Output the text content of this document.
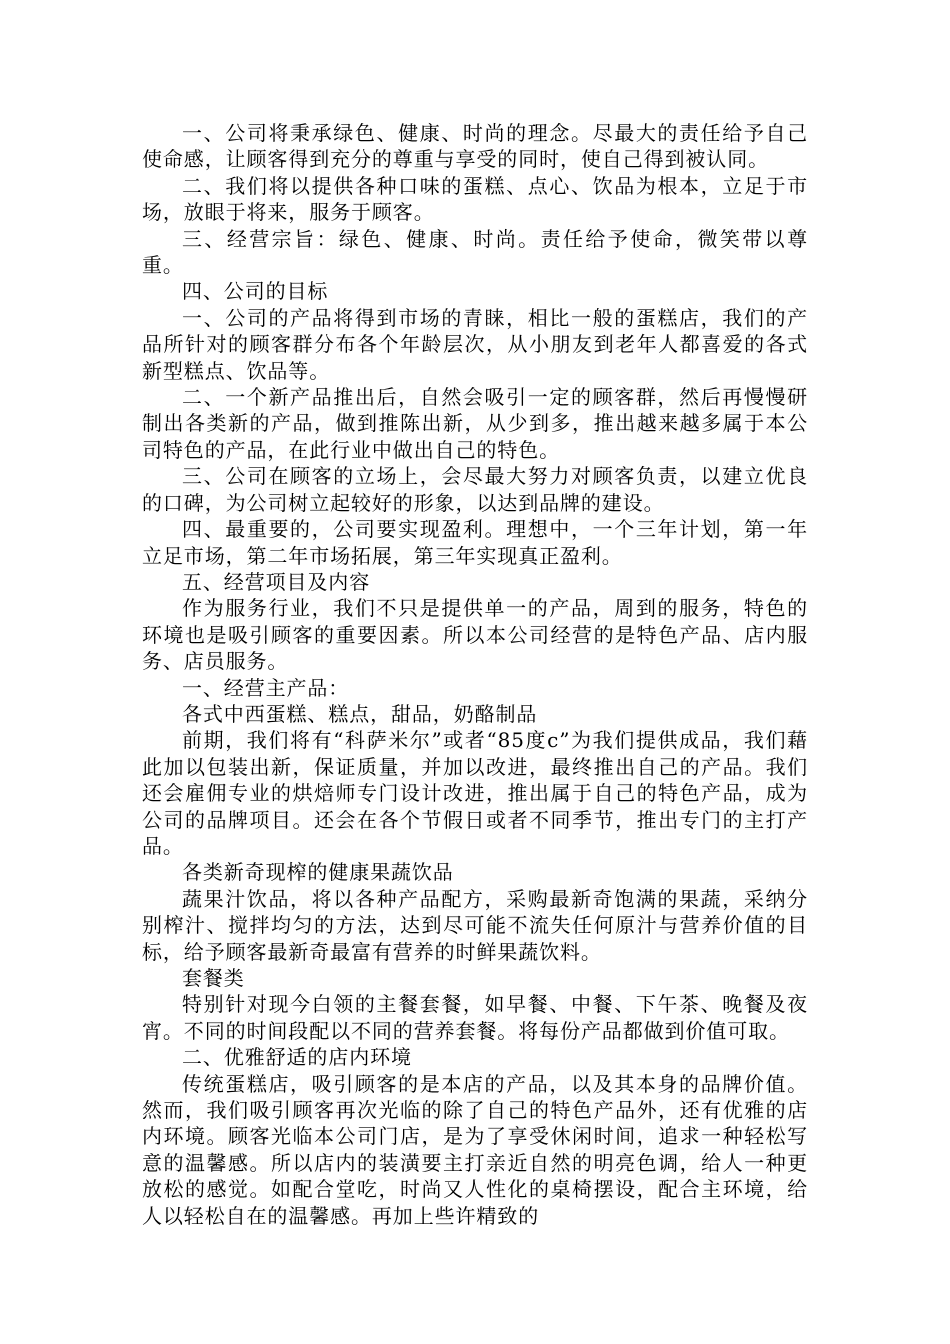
一、公司将秉承绿色、健康、时尚的理念。尽最大的责任给予自己使命感，让顾客得到充分的尊重与享受的同时，使自己得到被认同。

二、我们将以提供各种口味的蛋糕、点心、饮品为根本，立足于市场，放眼于将来，服务于顾客。

三、经营宗旨：绿色、健康、时尚。责任给予使命，微笑带以尊重。

四、公司的目标

一、公司的产品将得到市场的青睐，相比一般的蛋糕店，我们的产品所针对的顾客群分布各个年龄层次，从小朋友到老年人都喜爱的各式新型糕点、饮品等。

二、一个新产品推出后，自然会吸引一定的顾客群，然后再慢慢研制出各类新的产品，做到推陈出新，从少到多，推出越来越多属于本公司特色的产品，在此行业中做出自己的特色。

三、公司在顾客的立场上，会尽最大努力对顾客负责，以建立优良的口碑，为公司树立起较好的形象，以达到品牌的建设。

四、最重要的，公司要实现盈利。理想中，一个三年计划，第一年立足市场，第二年市场拓展，第三年实现真正盈利。

五、经营项目及内容

作为服务行业，我们不只是提供单一的产品，周到的服务，特色的环境也是吸引顾客的重要因素。所以本公司经营的是特色产品、店内服务、店员服务。

一、经营主产品：

各式中西蛋糕、糕点，甜品，奶酪制品

前期，我们将有“科萨米尔”或者“85度c”为我们提供成品，我们藉此加以包装出新，保证质量，并加以改进，最终推出自己的产品。我们还会雇佣专业的烘焙师专门设计改进，推出属于自己的特色产品，成为公司的品牌项目。还会在各个节假日或者不同季节，推出专门的主打产品。

各类新奇现榨的健康果蔬饮品

蔬果汁饮品，将以各种产品配方，采购最新奇饱满的果蔬，采纳分别榨汁、搅拌均匀的方法，达到尽可能不流失任何原汁与营养价值的目标，给予顾客最新奇最富有营养的时鲜果蔬饮料。

套餐类

特别针对现今白领的主餐套餐，如早餐、中餐、下午茶、晚餐及夜宵。不同的时间段配以不同的营养套餐。将每份产品都做到价值可取。

二、优雅舒适的店内环境

传统蛋糕店，吸引顾客的是本店的产品，以及其本身的品牌价值。然而，我们吸引顾客再次光临的除了自己的特色产品外，还有优雅的店内环境。顾客光临本公司门店，是为了享受休闲时间，追求一种轻松写意的温馨感。所以店内的装潢要主打亲近自然的明亮色调，给人一种更放松的感觉。如配合堂吃，时尚又人性化的桌椅摆设，配合主环境，给人以轻松自在的温馨感。再加上些许精致的
